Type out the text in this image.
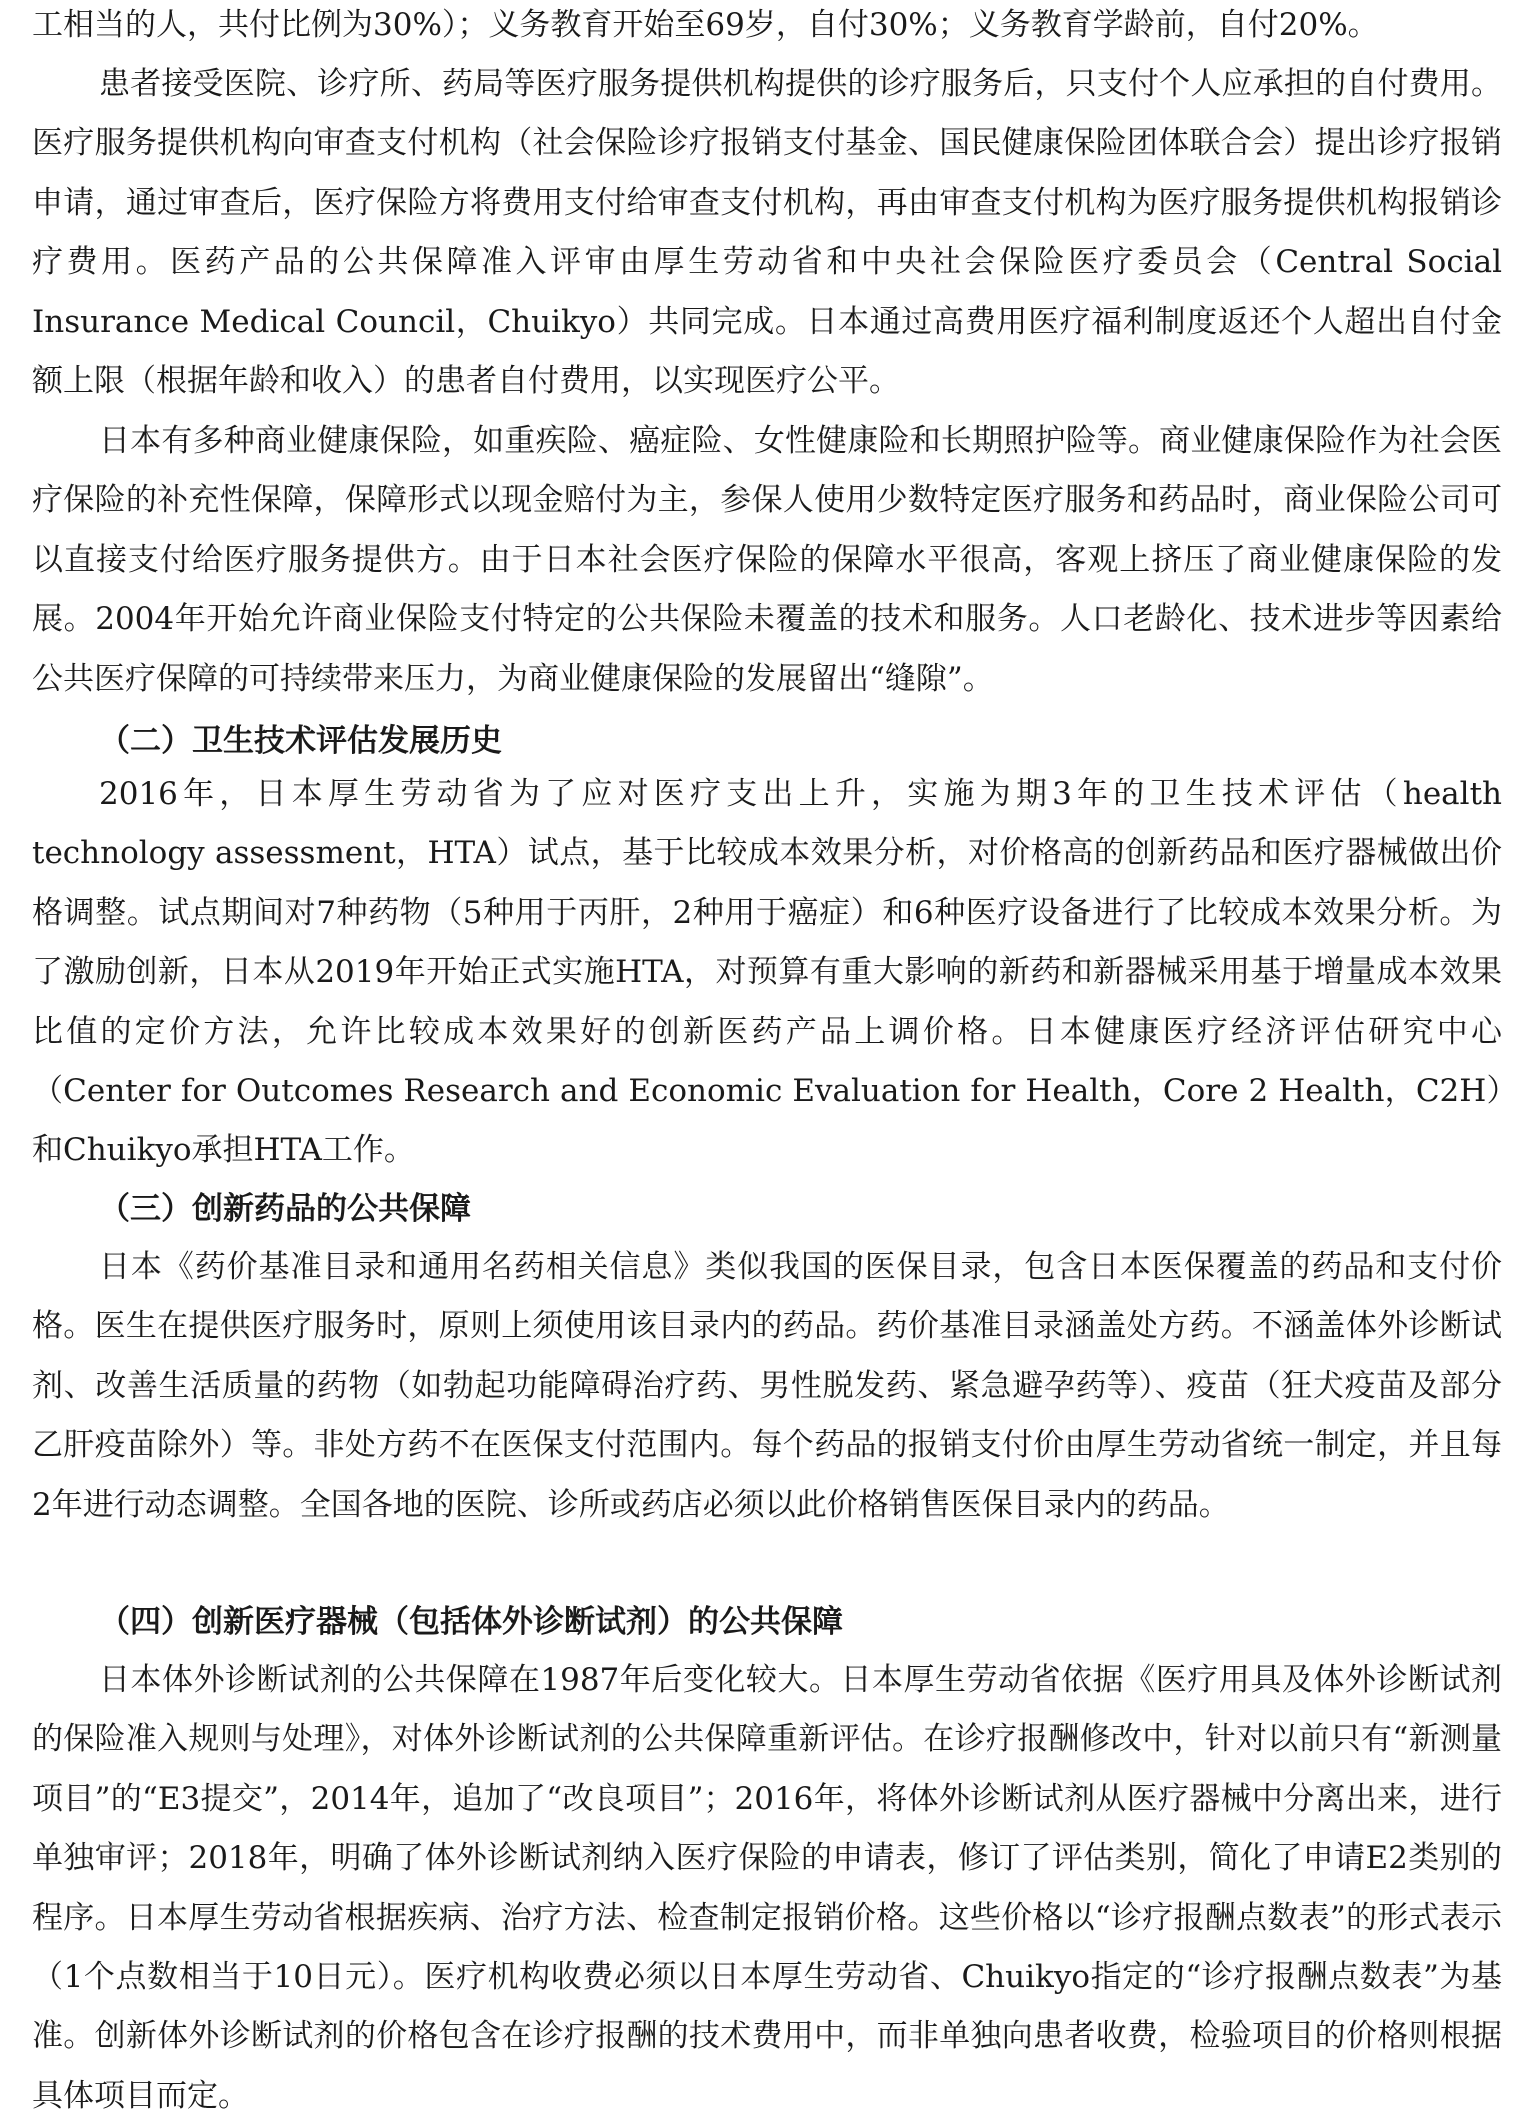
工相当的人，共付比例为30%）；义务教育开始至69岁，自付30%；义务教育学龄前，自付20%。

患者接受医院、诊疗所、药局等医疗服务提供机构提供的诊疗服务后，只支付个人应承担的自付费用。医疗服务提供机构向审查支付机构（社会保险诊疗报销支付基金、国民健康保险团体联合会）提出诊疗报销申请，通过审查后，医疗保险方将费用支付给审查支付机构，再由审查支付机构为医疗服务提供机构报销诊疗费用。医药产品的公共保障准入评审由厚生劳动省和中央社会保险医疗委员会（Central Social Insurance Medical Council，Chuikyo）共同完成。日本通过高费用医疗福利制度返还个人超出自付金额上限（根据年龄和收入）的患者自付费用，以实现医疗公平。

日本有多种商业健康保险，如重疾险、癌症险、女性健康险和长期照护险等。商业健康保险作为社会医疗保险的补充性保障，保障形式以现金赔付为主，参保人使用少数特定医疗服务和药品时，商业保险公司可以直接支付给医疗服务提供方。由于日本社会医疗保险的保障水平很高，客观上挤压了商业健康保险的发展。2004年开始允许商业保险支付特定的公共保险未覆盖的技术和服务。人口老龄化、技术进步等因素给公共医疗保障的可持续带来压力，为商业健康保险的发展留出“缝隙”。

（二）卫生技术评估发展历史

2016年，日本厚生劳动省为了应对医疗支出上升，实施为期3年的卫生技术评估（health technology assessment，HTA）试点，基于比较成本效果分析，对价格高的创新药品和医疗器械做出价格调整。试点期间对7种药物（5种用于丙肝，2种用于癌症）和6种医疗设备进行了比较成本效果分析。为了激励创新，日本从2019年开始正式实施HTA，对预算有重大影响的新药和新器械采用基于增量成本效果比值的定价方法，允许比较成本效果好的创新医药产品上调价格。日本健康医疗经济评估研究中心（Center for Outcomes Research and Economic Evaluation for Health，Core 2 Health，C2H）和Chuikyo承担HTA工作。

（三）创新药品的公共保障

日本《药价基准目录和通用名药相关信息》类似我国的医保目录，包含日本医保覆盖的药品和支付价格。医生在提供医疗服务时，原则上须使用该目录内的药品。药价基准目录涵盖处方药。不涵盖体外诊断试剂、改善生活质量的药物（如勃起功能障碍治疗药、男性脱发药、紧急避孕药等）、疫苗（狂犬疫苗及部分乙肝疫苗除外）等。非处方药不在医保支付范围内。每个药品的报销支付价由厚生劳动省统一制定，并且每2年进行动态调整。全国各地的医院、诊所或药店必须以此价格销售医保目录内的药品。

（四）创新医疗器械（包括体外诊断试剂）的公共保障

日本体外诊断试剂的公共保障在1987年后变化较大。日本厚生劳动省依据《医疗用具及体外诊断试剂的保险准入规则与处理》，对体外诊断试剂的公共保障重新评估。在诊疗报酬修改中，针对以前只有“新测量项目”的“E3提交”，2014年，追加了“改良项目”；2016年，将体外诊断试剂从医疗器械中分离出来，进行单独审评；2018年，明确了体外诊断试剂纳入医疗保险的申请表，修订了评估类别，简化了申请E2类别的程序。日本厚生劳动省根据疾病、治疗方法、检查制定报销价格。这些价格以“诊疗报酬点数表”的形式表示（1个点数相当于10日元）。医疗机构收费必须以日本厚生劳动省、Chuikyo指定的“诊疗报酬点数表”为基准。创新体外诊断试剂的价格包含在诊疗报酬的技术费用中，而非单独向患者收费，检验项目的价格则根据具体项目而定。
